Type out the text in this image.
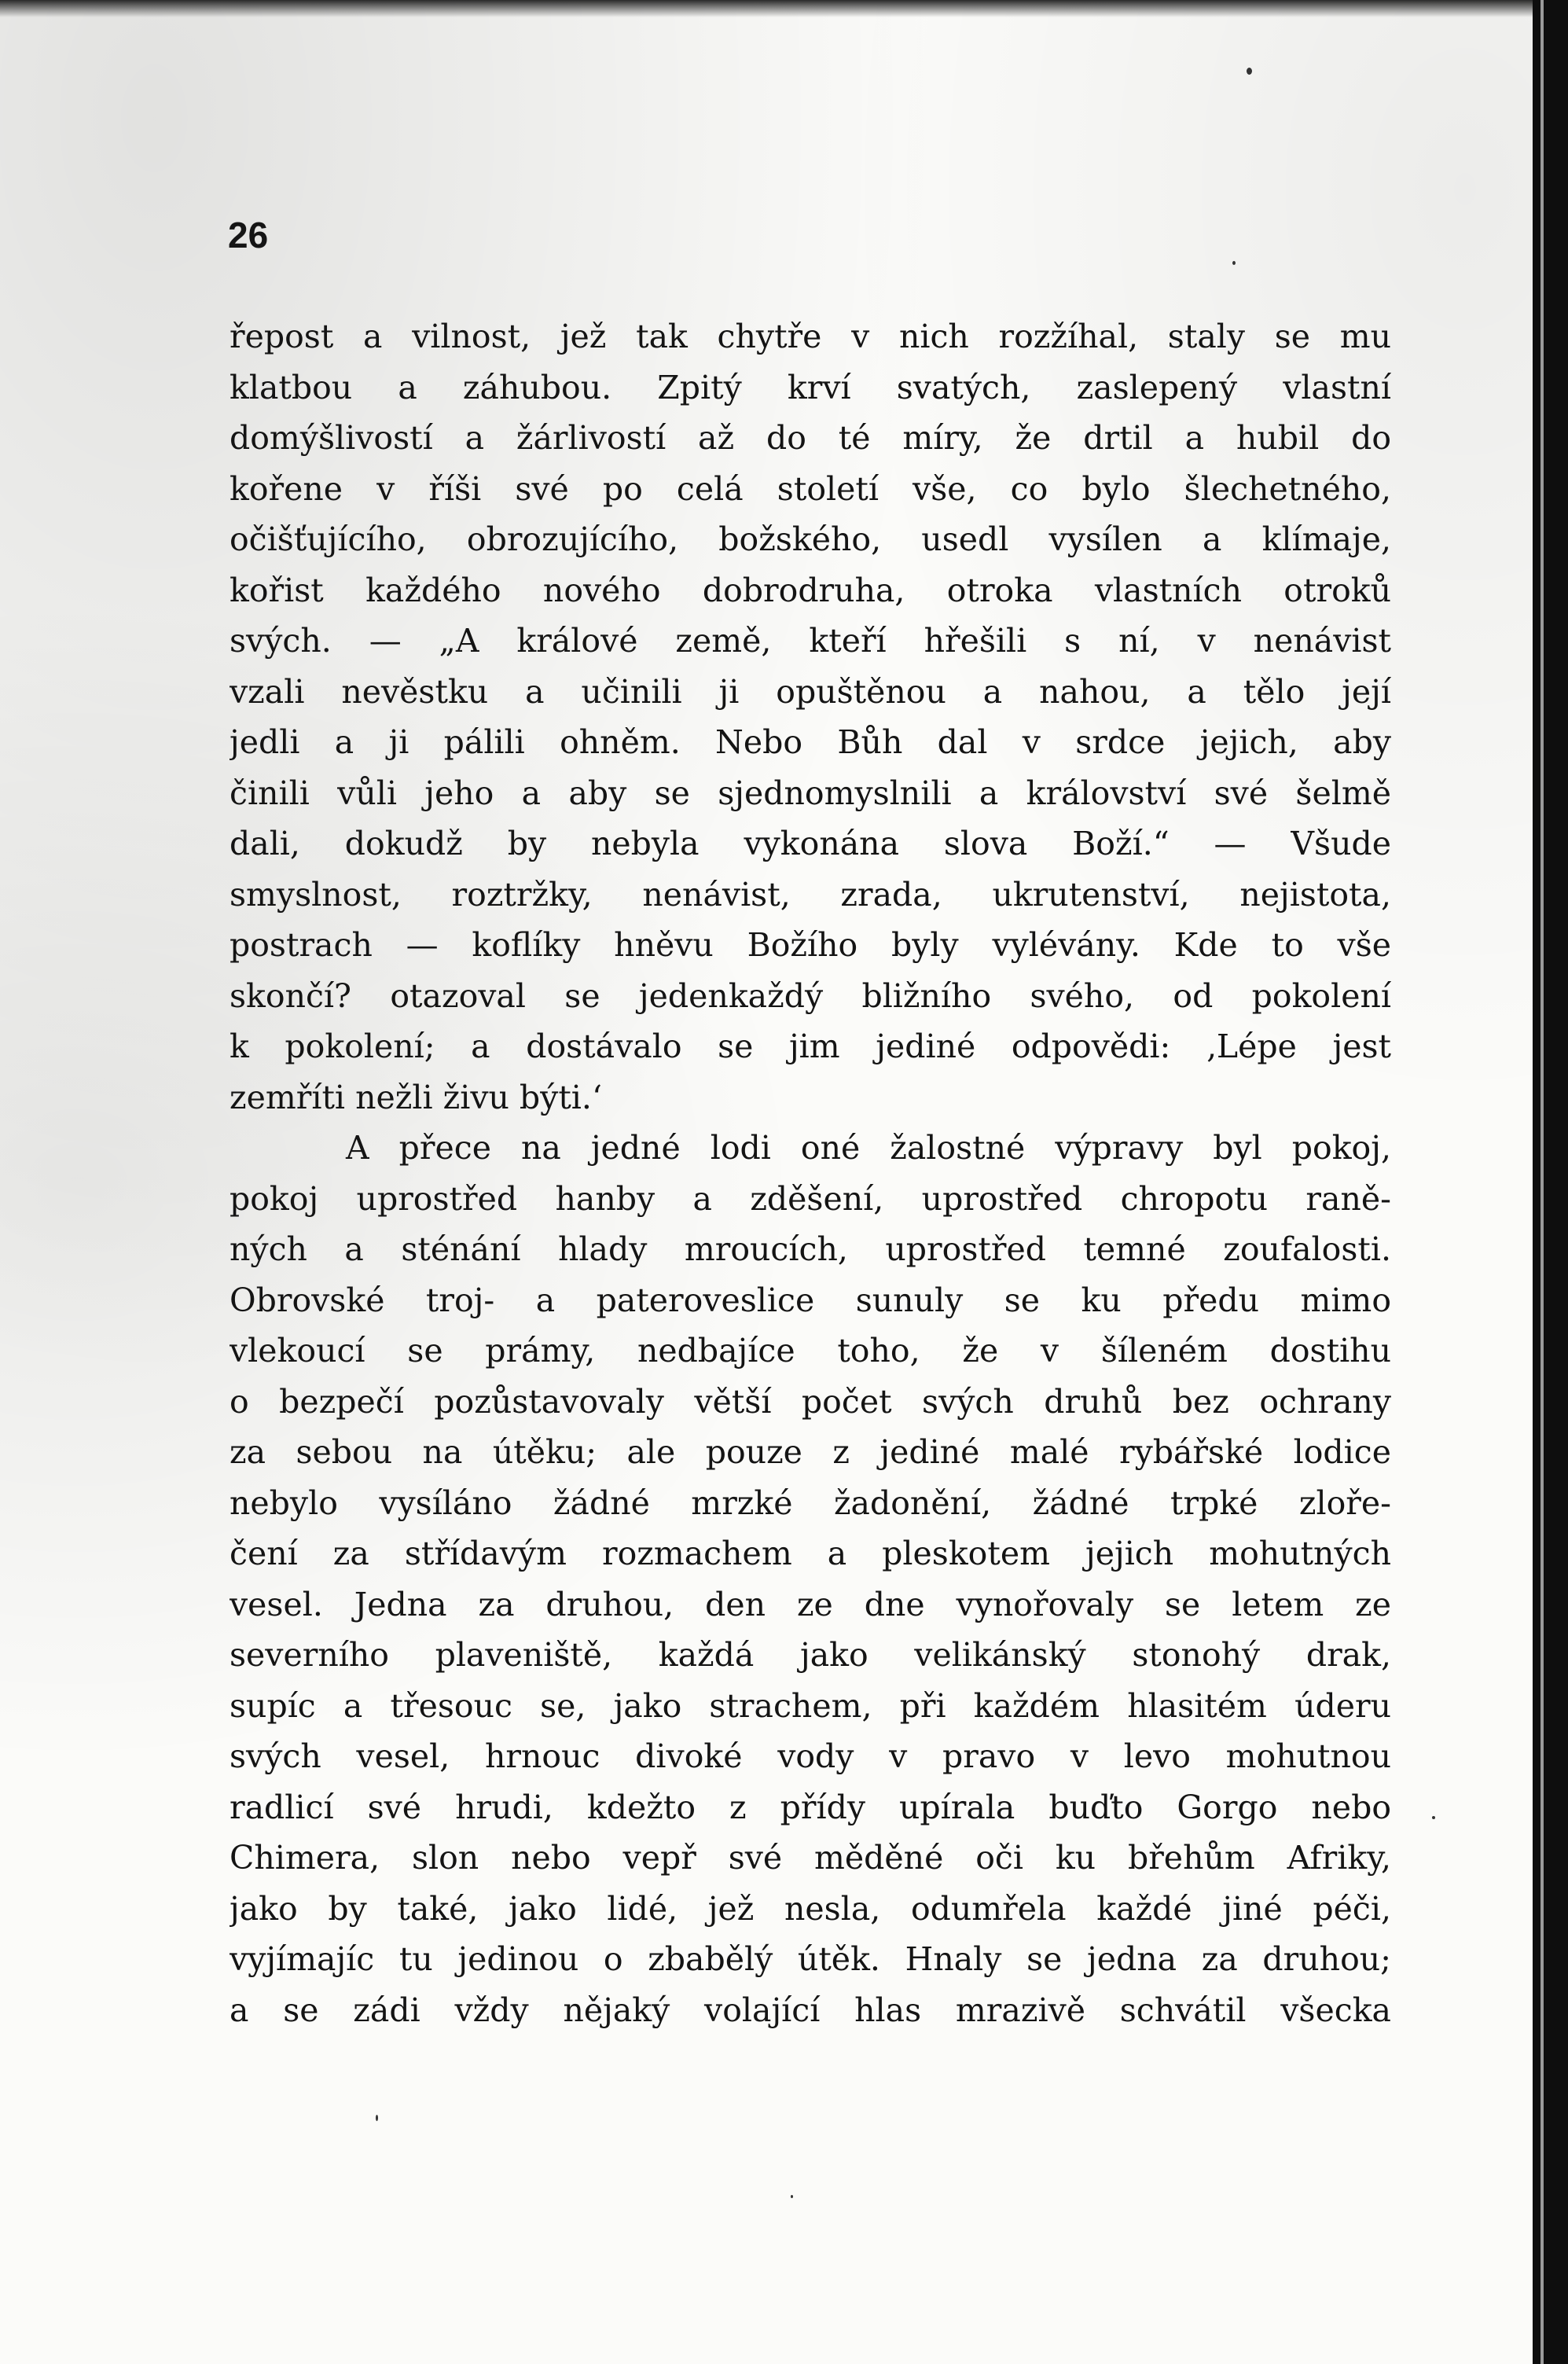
26
řepost a vilnost, jež tak chytře v nich rozžíhal, staly se mu
klatbou a záhubou. Zpitý krví svatých, zaslepený vlastní
domýšlivostí a žárlivostí až do té míry, že drtil a hubil do
kořene v říši své po celá století vše, co bylo šlechetného,
očišťujícího, obrozujícího, božského, usedl vysílen a klímaje,
kořist každého nového dobrodruha, otroka vlastních otroků
svých. — „A králové země, kteří hřešili s ní, v nenávist
vzali nevěstku a učinili ji opuštěnou a nahou, a tělo její
jedli a ji pálili ohněm. Nebo Bůh dal v srdce jejich, aby
činili vůli jeho a aby se sjednomyslnili a království své šelmě
dali, dokudž by nebyla vykonána slova Boží.“ — Všude
smyslnost, roztržky, nenávist, zrada, ukrutenství, nejistota,
postrach — koflíky hněvu Božího byly vylévány. Kde to vše
skončí? otazoval se jedenkaždý bližního svého, od pokolení
k pokolení; a dostávalo se jim jediné odpovědi: ‚Lépe jest
zemříti nežli živu býti.‘
A přece na jedné lodi oné žalostné výpravy byl pokoj,
pokoj uprostřed hanby a zděšení, uprostřed chropotu raně-
ných a sténání hlady mroucích, uprostřed temné zoufalosti.
Obrovské troj- a pateroveslice sunuly se ku předu mimo
vlekoucí se prámy, nedbajíce toho, že v šíleném dostihu
o bezpečí pozůstavovaly větší počet svých druhů bez ochrany
za sebou na útěku; ale pouze z jediné malé rybářské lodice
nebylo vysíláno žádné mrzké žadonění, žádné trpké zloře-
čení za střídavým rozmachem a pleskotem jejich mohutných
vesel. Jedna za druhou, den ze dne vynořovaly se letem ze
severního plaveniště, každá jako velikánský stonohý drak,
supíc a třesouc se, jako strachem, při každém hlasitém úderu
svých vesel, hrnouc divoké vody v pravo v levo mohutnou
radlicí své hrudi, kdežto z přídy upírala buďto Gorgo nebo
Chimera, slon nebo vepř své měděné oči ku břehům Afriky,
jako by také, jako lidé, jež nesla, odumřela každé jiné péči,
vyjímajíc tu jedinou o zbabělý útěk. Hnaly se jedna za druhou;
a se zádi vždy nějaký volající hlas mrazivě schvátil všecka
